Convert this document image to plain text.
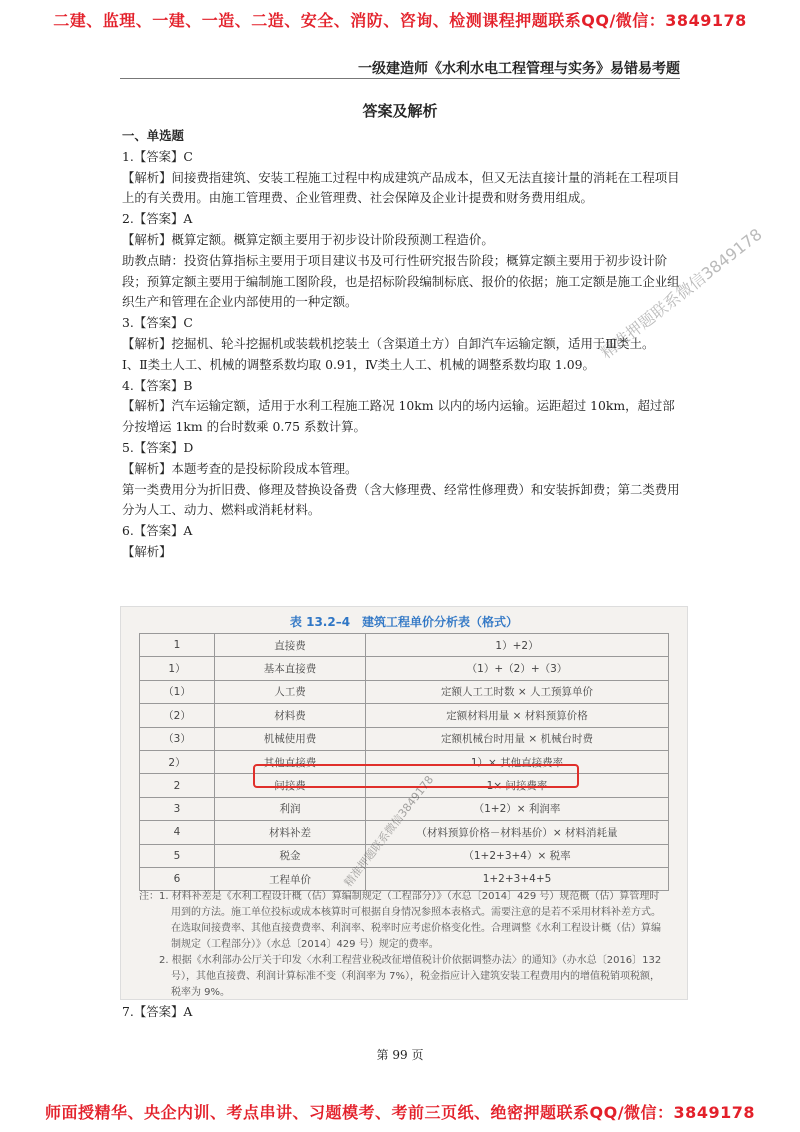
二建、监理、一建、一造、二造、安全、消防、咨询、检测课程押题联系QQ/微信：3849178
一级建造师《水利水电工程管理与实务》易错易考题
答案及解析

一、单选题

1.【答案】C

【解析】间接费指建筑、安装工程施工过程中构成建筑产品成本，但又无法直接计量的消耗在工程项目上的有关费用。由施工管理费、企业管理费、社会保障及企业计提费和财务费用组成。

2.【答案】A

【解析】概算定额。概算定额主要用于初步设计阶段预测工程造价。

助教点睛：投资估算指标主要用于项目建议书及可行性研究报告阶段；概算定额主要用于初步设计阶段；预算定额主要用于编制施工图阶段，也是招标阶段编制标底、报价的依据；施工定额是施工企业组织生产和管理在企业内部使用的一种定额。

3.【答案】C

【解析】挖掘机、轮斗挖掘机或装载机挖装土（含渠道土方）自卸汽车运输定额，适用于Ⅲ类土。

Ⅰ、Ⅱ类土人工、机械的调整系数均取 0.91，Ⅳ类土人工、机械的调整系数均取 1.09。

4.【答案】B

【解析】汽车运输定额，适用于水利工程施工路况 10km 以内的场内运输。运距超过 10km，超过部分按增运 1km 的台时数乘 0.75 系数计算。

5.【答案】D

【解析】本题考查的是投标阶段成本管理。

第一类费用分为折旧费、修理及替换设备费（含大修理费、经常性修理费）和安装拆卸费；第二类费用分为人工、动力、燃料或消耗材料。

6.【答案】A

【解析】

表 13.2–4　建筑工程单价分析表（格式）
1	直接费	1）+2）
1）	基本直接费	（1）+（2）+（3）
（1）	人工费	定额人工工时数 × 人工预算单价
（2）	材料费	定额材料用量 × 材料预算价格
（3）	机械使用费	定额机械台时用量 × 机械台时费
2）	其他直接费	1）× 其他直接费率
2	间接费	1× 间接费率
3	利润	（1+2）× 利润率
4	材料补差	（材料预算价格－材料基价）× 材料消耗量
5	税金	（1+2+3+4）× 税率
6	工程单价	1+2+3+4+5

注：1. 材料补差是《水利工程设计概（估）算编制规定（工程部分）》（水总〔2014〕429 号）规范概（估）算管理时用到的方法。施工单位投标或成本核算时可根据自身情况参照本表格式。需要注意的是若不采用材料补差方式。在选取间接费率、其他直接费费率、利润率、税率时应考虑价格变化性。合理调整《水利工程设计概（估）算编制规定（工程部分）》（水总〔2014〕429 号）规定的费率。

2. 根据《水利部办公厅关于印发〈水利工程营业税改征增值税计价依据调整办法〉的通知》（办水总〔2016〕132 号），其他直接费、利润计算标准不变（利润率为 7%），税金指应计入建筑安装工程费用内的增值税销项税额，税率为 9%。

7.【答案】A
第 99 页
师面授精华、央企内训、考点串讲、习题模考、考前三页纸、绝密押题联系QQ/微信：3849178
精准押题联系微信3849178
精准押题联系微信3849178
